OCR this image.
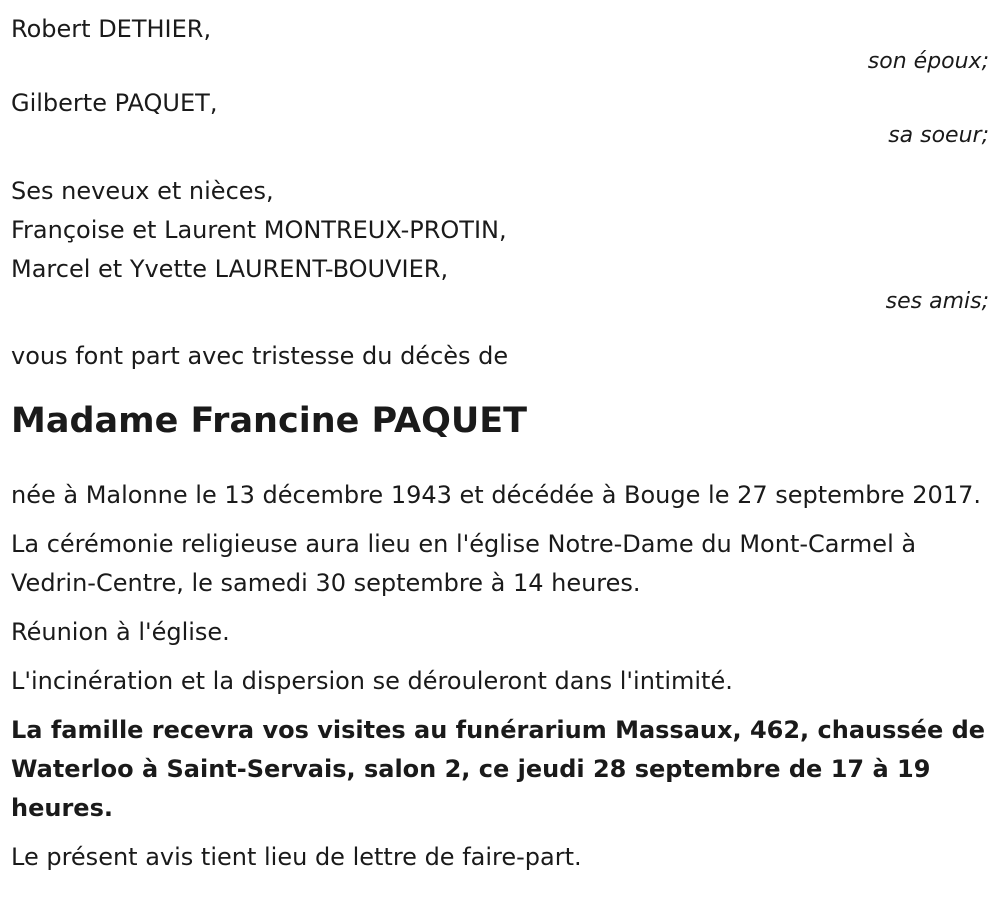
Robert DETHIER,

son époux;

Gilberte PAQUET,

sa soeur;

Ses neveux et nièces,

Françoise et Laurent MONTREUX-PROTIN,

Marcel et Yvette LAURENT-BOUVIER,

ses amis;

vous font part avec tristesse du décès de

Madame Francine PAQUET

née à Malonne le 13 décembre 1943 et décédée à Bouge le 27 septembre 2017.

La cérémonie religieuse aura lieu en l'église Notre-Dame du Mont-Carmel à Vedrin-Centre, le samedi 30 septembre à 14 heures.

Réunion à l'église.

L'incinération et la dispersion se dérouleront dans l'intimité.

La famille recevra vos visites au funérarium Massaux, 462, chaussée de Waterloo à Saint-Servais, salon 2, ce jeudi 28 septembre de 17 à 19 heures.

Le présent avis tient lieu de lettre de faire-part.
